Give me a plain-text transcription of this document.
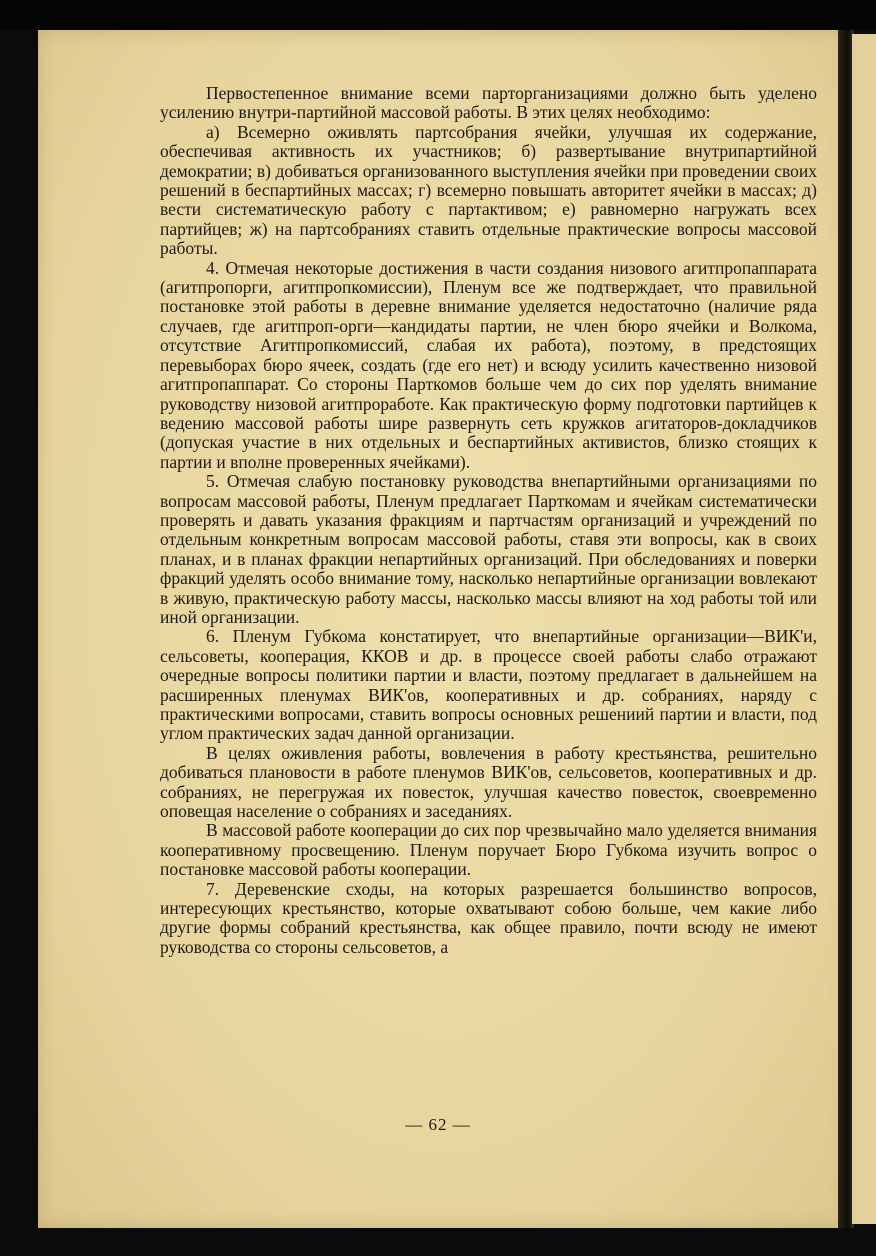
Первостепенное внимание всеми парторганизациями должно быть уделено усилению внутри-партийной массовой работы. В этих целях необходимо:

а) Всемерно оживлять партсобрания ячейки, улучшая их содержание, обеспечивая активность их участников; б) развертывание внутрипартийной демократии; в) добиваться организованного выступления ячейки при проведении своих решений в беспартийных массах; г) всемерно повышать авторитет ячейки в массах; д) вести систематическую работу с партактивом; е) равномерно нагружать всех партийцев; ж) на партсобраниях ставить отдельные практические вопросы массовой работы.

4. Отмечая некоторые достижения в части создания низового агитпропаппарата (агитпропорги, агитпропкомиссии), Пленум все же подтверждает, что правильной постановке этой работы в деревне внимание уделяется недостаточно (наличие ряда случаев, где агитпроп-орги—кандидаты партии, не член бюро ячейки и Волкома, отсутствие Агитпропкомиссий, слабая их работа), поэтому, в предстоящих перевыборах бюро ячеек, создать (где его нет) и всюду усилить качественно низовой агитпропаппарат. Со стороны Парткомов больше чем до сих пор уделять внимание руководству низовой агитпроработе. Как практическую форму подготовки партийцев к ведению массовой работы шире развернуть сеть кружков агитаторов-докладчиков (допуская участие в них отдельных и беспартийных активистов, близко стоящих к партии и вполне проверенных ячейками).

5. Отмечая слабую постановку руководства внепартийными организациями по вопросам массовой работы, Пленум предлагает Парткомам и ячейкам систематически проверять и давать указания фракциям и партчастям организаций и учреждений по отдельным конкретным вопросам массовой работы, ставя эти вопросы, как в своих планах, и в планах фракции непартийных организаций. При обследованиях и поверки фракций уделять особо внимание тому, насколько непартийные организации вовлекают в живую, практическую работу массы, насколько массы влияют на ход работы той или иной организации.

6. Пленум Губкома констатирует, что внепартийные организации—ВИК'и, сельсоветы, кооперация, ККОВ и др. в процессе своей работы слабо отражают очередные вопросы политики партии и власти, поэтому предлагает в дальнейшем на расширенных пленумах ВИК'ов, кооперативных и др. собраниях, наряду с практическими вопросами, ставить вопросы основных решениий партии и власти, под углом практических задач данной организации.

В целях оживления работы, вовлечения в работу крестьянства, решительно добиваться плановости в работе пленумов ВИК'ов, сельсоветов, кооперативных и др. собраниях, не перегружая их повесток, улучшая качество повесток, своевременно оповещая население о собраниях и заседаниях.

В массовой работе кооперации до сих пор чрезвычайно мало уделяется внимания кооперативному просвещению. Пленум поручает Бюро Губкома изучить вопрос о постановке массовой работы кооперации.

7. Деревенские сходы, на которых разрешается большинство вопросов, интересующих крестьянство, которые охватывают собою больше, чем какие либо другие формы собраний крестьянства, как общее правило, почти всюду не имеют руководства со стороны сельсоветов, а

— 62 —
